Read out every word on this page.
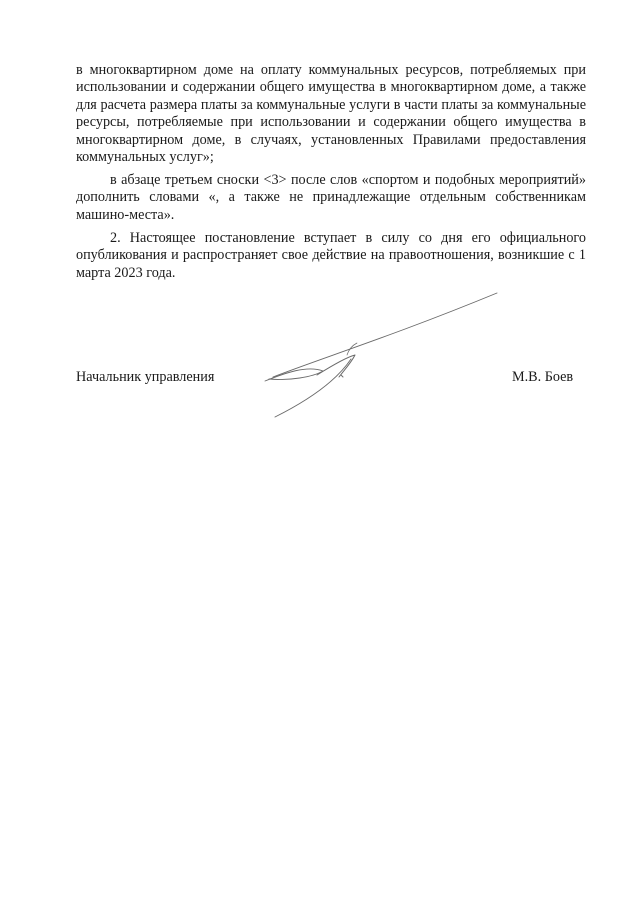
в многоквартирном доме на оплату коммунальных ресурсов, потребляемых при использовании и содержании общего имущества в многоквартирном доме, а также для расчета размера платы за коммунальные услуги в части платы за коммунальные ресурсы, потребляемые при использовании и содержании общего имущества в многоквартирном доме, в случаях, установленных Правилами предоставления коммунальных услуг»;

в абзаце третьем сноски <3> после слов «спортом и подобных мероприятий» дополнить словами «, а также не принадлежащие отдельным собственникам машино-места».

2. Настоящее постановление вступает в силу со дня его официального опубликования и распространяет свое действие на правоотношения, возникшие с 1 марта 2023 года.

Начальник управления	М.В. Боев
